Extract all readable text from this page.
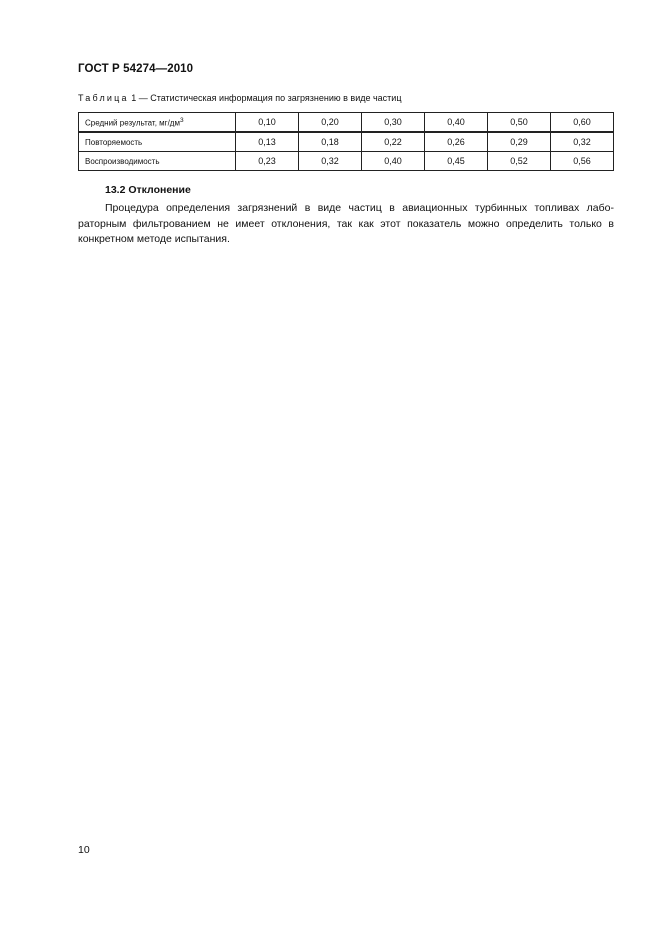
ГОСТ Р 54274—2010
Таблица 1 — Статистическая информация по загрязнению в виде частиц
Средний результат, $мг/дм^3$	0,10	0,20	0,30	0,40	0,50	0,60
Повторяемость	0,13	0,18	0,22	0,26	0,29	0,32
Воспроизводимость	0,23	0,32	0,40	0,45	0,52	0,56
13.2 Отклонение

Процедура определения загрязнений в виде частиц в авиационных турбинных топливах лабо-
раторным фильтрованием не имеет отклонения, так как этот показатель можно определить только в
конкретном методе испытания.

10
